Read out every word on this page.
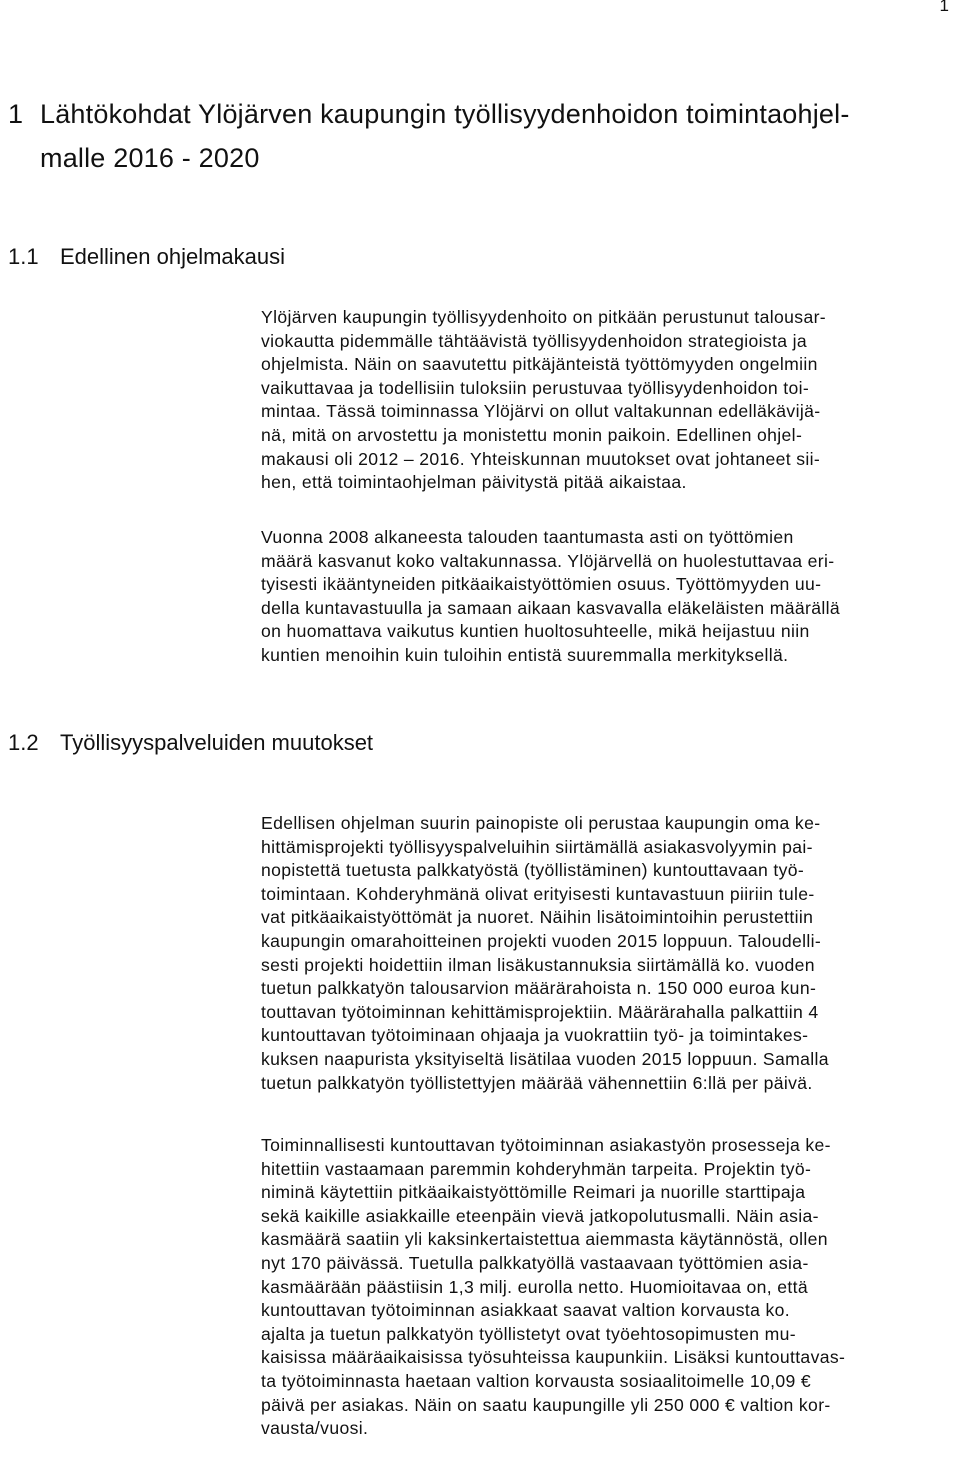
1
1 Lähtökohdat Ylöjärven kaupungin työllisyydenhoidon toimintaohjel-
malle 2016 - 2020
1.1 Edellinen ohjelmakausi
Ylöjärven kaupungin työllisyydenhoito on pitkään perustunut talousar-
viokautta pidemmälle tähtäävistä työllisyydenhoidon strategioista ja
ohjelmista. Näin on saavutettu pitkäjänteistä työttömyyden ongelmiin
vaikuttavaa ja todellisiin tuloksiin perustuvaa työllisyydenhoidon toi-
mintaa. Tässä toiminnassa Ylöjärvi on ollut valtakunnan edelläkävijä-
nä, mitä on arvostettu ja monistettu monin paikoin. Edellinen ohjel-
makausi oli 2012 – 2016. Yhteiskunnan muutokset ovat johtaneet sii-
hen, että toimintaohjelman päivitystä pitää aikaistaa.
Vuonna 2008 alkaneesta talouden taantumasta asti on työttömien
määrä kasvanut koko valtakunnassa. Ylöjärvellä on huolestuttavaa eri-
tyisesti ikääntyneiden pitkäaikaistyöttömien osuus. Työttömyyden uu-
della kuntavastuulla ja samaan aikaan kasvavalla eläkeläisten määrällä
on huomattava vaikutus kuntien huoltosuhteelle, mikä heijastuu niin
kuntien menoihin kuin tuloihin entistä suuremmalla merkityksellä.
1.2 Työllisyyspalveluiden muutokset
Edellisen ohjelman suurin painopiste oli perustaa kaupungin oma ke-
hittämisprojekti työllisyyspalveluihin siirtämällä asiakasvolyymin pai-
nopistettä tuetusta palkkatyöstä (työllistäminen) kuntouttavaan työ-
toimintaan. Kohderyhmänä olivat erityisesti kuntavastuun piiriin tule-
vat pitkäaikaistyöttömät ja nuoret. Näihin lisätoimintoihin perustettiin
kaupungin omarahoitteinen projekti vuoden 2015 loppuun. Taloudelli-
sesti projekti hoidettiin ilman lisäkustannuksia siirtämällä ko. vuoden
tuetun palkkatyön talousarvion määrärahoista n. 150 000 euroa kun-
touttavan työtoiminnan kehittämisprojektiin. Määrärahalla palkattiin 4
kuntouttavan työtoiminaan ohjaaja ja vuokrattiin työ- ja toimintakes-
kuksen naapurista yksityiseltä lisätilaa vuoden 2015 loppuun. Samalla
tuetun palkkatyön työllistettyjen määrää vähennettiin 6:llä per päivä.
Toiminnallisesti kuntouttavan työtoiminnan asiakastyön prosesseja ke-
hitettiin vastaamaan paremmin kohderyhmän tarpeita. Projektin työ-
niminä käytettiin pitkäaikaistyöttömille Reimari ja nuorille starttipaja
sekä kaikille asiakkaille eteenpäin vievä jatkopolutusmalli. Näin asia-
kasmäärä saatiin yli kaksinkertaistettua aiemmasta käytännöstä, ollen
nyt 170 päivässä. Tuetulla palkkatyöllä vastaavaan työttömien asia-
kasmäärään päästiisin 1,3 milj. eurolla netto. Huomioitavaa on, että
kuntouttavan työtoiminnan asiakkaat saavat valtion korvausta ko.
ajalta ja tuetun palkkatyön työllistetyt ovat työehtosopimusten mu-
kaisissa määräaikaisissa työsuhteissa kaupunkiin. Lisäksi kuntouttavas-
ta työtoiminnasta haetaan valtion korvausta sosiaalitoimelle 10,09 €
päivä per asiakas. Näin on saatu kaupungille yli 250 000 € valtion kor-
vausta/vuosi.
